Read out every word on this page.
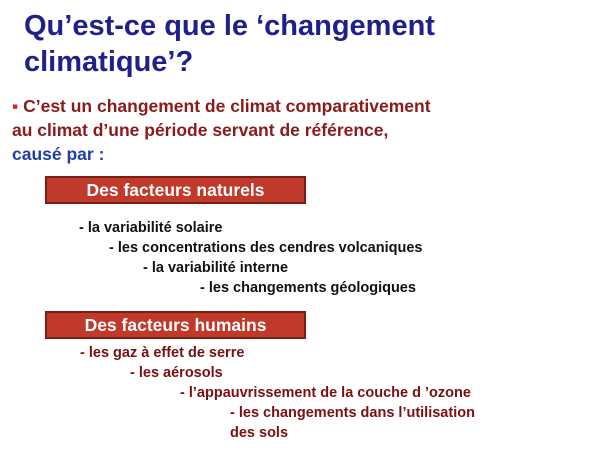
Qu’est-ce que le ‘changement climatique’?
▪ C’est un changement de climat comparativement
au climat d’une période servant de référence,
causé par :
Des facteurs naturels

- la variabilité solaire

- les concentrations des cendres volcaniques

- la variabilité interne

- les changements géologiques

Des facteurs humains

- les gaz à effet de serre

- les aérosols

- l’appauvrissement de la couche d ’ozone

- les changements dans l’utilisation

des sols
